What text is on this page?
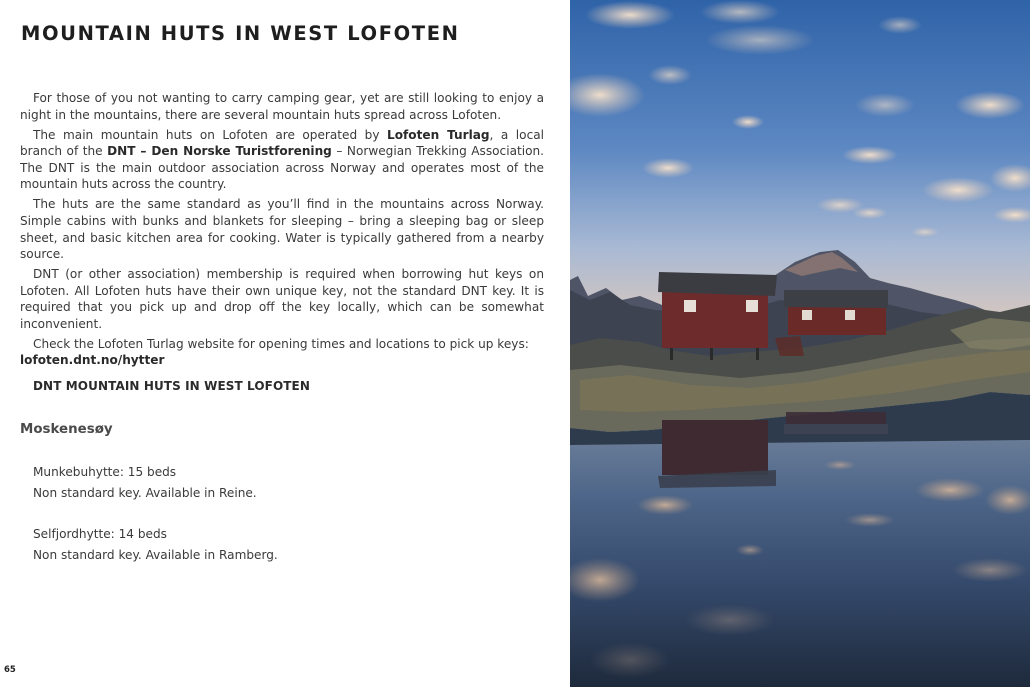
MOUNTAIN HUTS IN WEST LOFOTEN

For those of you not wanting to carry camping gear, yet are still looking to enjoy a night in the mountains, there are several mountain huts spread across Lofoten.

The main mountain huts on Lofoten are operated by Lofoten Turlag, a local branch of the DNT – Den Norske Turistforening – Norwegian Trekking Association. The DNT is the main outdoor association across Norway and operates most of the mountain huts across the country.

The huts are the same standard as you’ll find in the mountains across Norway. Simple cabins with bunks and blankets for sleeping – bring a sleeping bag or sleep sheet, and basic kitchen area for cooking. Water is typically gathered from a nearby source.

DNT (or other association) membership is required when borrowing hut keys on Lofoten. All Lofoten huts have their own unique key, not the standard DNT key. It is required that you pick up and drop off the key locally, which can be somewhat inconvenient.

Check the Lofoten Turlag website for opening times and locations to pick up keys:
lofoten.dnt.no/hytter

DNT MOUNTAIN HUTS IN WEST LOFOTEN
Moskenesøy
Munkebuhytte: 15 beds
Non standard key. Available in Reine.
Selfjordhytte: 14 beds
Non standard key. Available in Ramberg.
65
